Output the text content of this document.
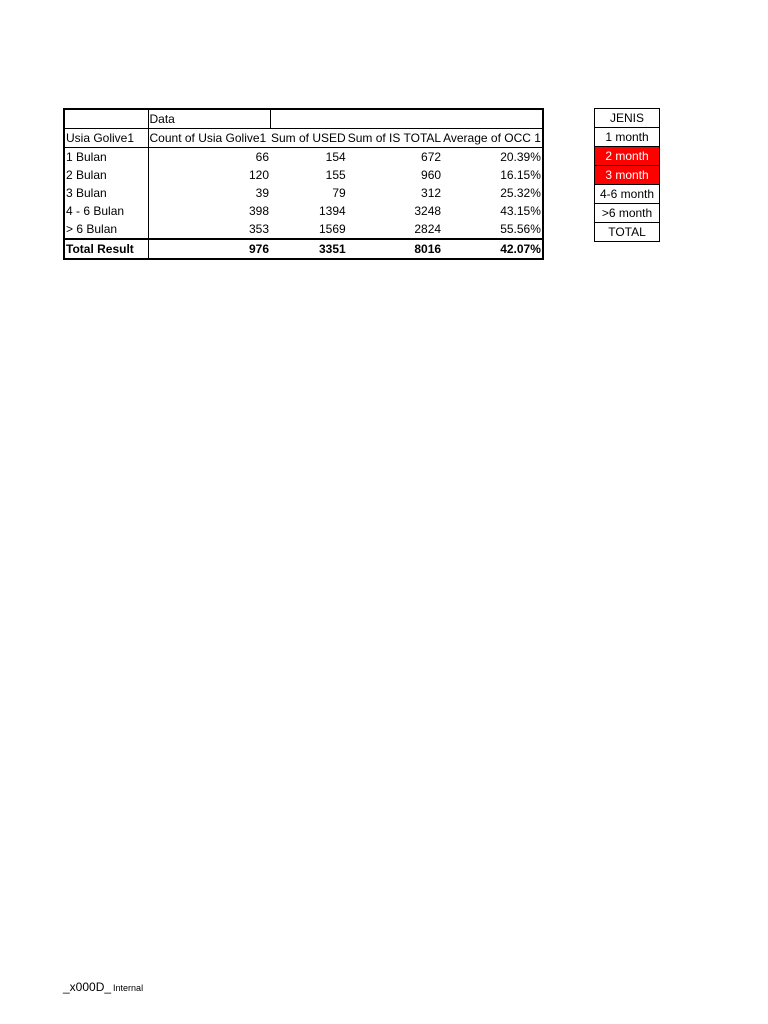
	Data			
Usia Golive1	Count of Usia Golive1	Sum of USED	Sum of IS TOTAL	Average of OCC 1
1 Bulan	66	154	672	20.39%
2 Bulan	120	155	960	16.15%
3 Bulan	39	79	312	25.32%
4 - 6 Bulan	398	1394	3248	43.15%
> 6 Bulan	353	1569	2824	55.56%
Total Result	976	3351	8016	42.07%
JENIS
1 month
2 month
3 month
4-6 month
>6 month
TOTAL
_x000D_ Internal
